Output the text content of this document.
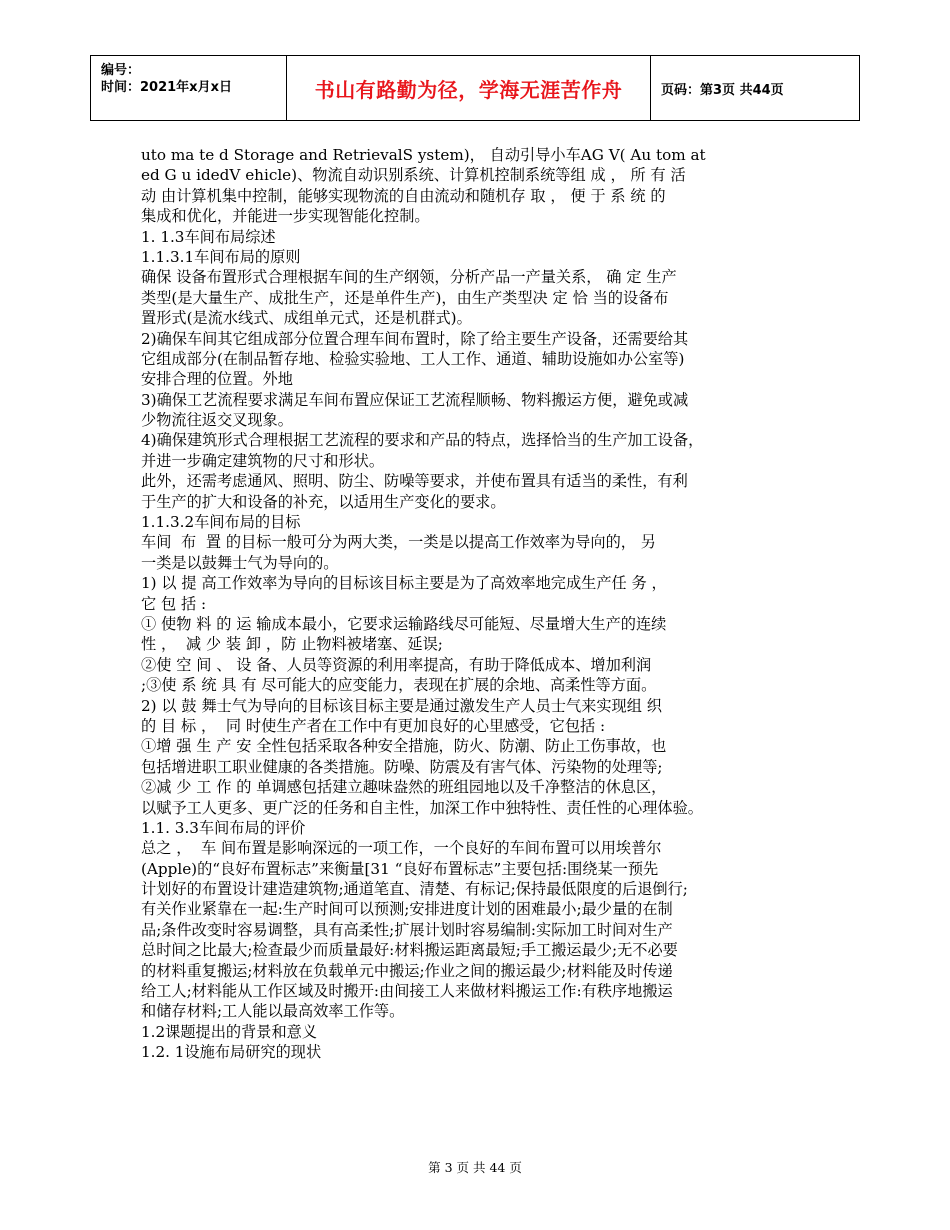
编号：
时间：2021年x月x日	书山有路勤为径，学海无涯苦作舟	页码：第3页 共44页
uto ma te d Storage and RetrievalS ystem)， 自动引导小车AG V( Au tom at
ed G u idedV ehicle)、物流自动识别系统、计算机控制系统等组 成 ， 所 有 活
动 由计算机集中控制，能够实现物流的自由流动和随机存 取 ， 便 于 系 统 的
集成和优化，并能进一步实现智能化控制。
1. 1.3车间布局综述
1.1.3.1车间布局的原则
确保 设备布置形式合理根据车间的生产纲领，分析产品一产量关系， 确 定 生产
类型(是大量生产、成批生产，还是单件生产)，由生产类型决 定 恰 当的设备布
置形式(是流水线式、成组单元式，还是机群式)。
2)确保车间其它组成部分位置合理车间布置时，除了给主要生产设备，还需要给其
它组成部分(在制品暂存地、检验实验地、工人工作、通道、辅助设施如办公室等)
安排合理的位置。外地
3)确保工艺流程要求满足车间布置应保证工艺流程顺畅、物料搬运方便，避免或减
少物流往返交叉现象。
4)确保建筑形式合理根据工艺流程的要求和产品的特点，选择恰当的生产加工设备，
并进一步确定建筑物的尺寸和形状。
此外，还需考虑通风、照明、防尘、防噪等要求，并使布置具有适当的柔性，有利
于生产的扩大和设备的补充，以适用生产变化的要求。
1.1.3.2车间布局的目标
车间  布  置 的目标一般可分为两大类，一类是以提高工作效率为导向的， 另
一类是以鼓舞士气为导向的。
1) 以 提 高工作效率为导向的目标该目标主要是为了高效率地完成生产任 务 ，
它 包 括 :
① 使物 料 的 运 输成本最小，它要求运输路线尽可能短、尽量增大生产的连续
性 ，  减 少 装 卸 ，防 止物料被堵塞、延误;
②使 空 间 、 设 备、人员等资源的利用率提高，有助于降低成本、增加利润
;③使 系 统 具 有 尽可能大的应变能力，表现在扩展的余地、高柔性等方面。
2) 以 鼓 舞士气为导向的目标该目标主要是通过激发生产人员士气来实现组 织
的 目 标 ，  同 时使生产者在工作中有更加良好的心里感受，它包括 :
①增 强 生 产 安 全性包括采取各种安全措施，防火、防潮、防止工伤事故，也
包括增进职工职业健康的各类措施。防噪、防震及有害气体、污染物的处理等;
②减 少 工 作 的 单调感包括建立趣味盎然的班组园地以及千净整洁的休息区，
以赋予工人更多、更广泛的任务和自主性，加深工作中独特性、责任性的心理体验。
1.1. 3.3车间布局的评价
总之 ，  车 间布置是影响深远的一项工作，一个良好的车间布置可以用埃普尔
(Apple)的“良好布置标志”来衡量[31 “良好布置标志”主要包括:围绕某一预先
计划好的布置设计建造建筑物;通道笔直、清楚、有标记;保持最低限度的后退倒行;
有关作业紧靠在一起:生产时间可以预测;安排进度计划的困难最小;最少量的在制
品;条件改变时容易调整，具有高柔性;扩展计划时容易编制:实际加工时间对生产
总时间之比最大;检查最少而质量最好:材料搬运距离最短;手工搬运最少;无不必要
的材料重复搬运;材料放在负载单元中搬运;作业之间的搬运最少;材料能及时传递
给工人;材料能从工作区域及时搬开:由间接工人来做材料搬运工作:有秩序地搬运
和储存材料;工人能以最高效率工作等。
1.2课题提出的背景和意义
1.2. 1设施布局研究的现状
第 3 页 共 44 页
